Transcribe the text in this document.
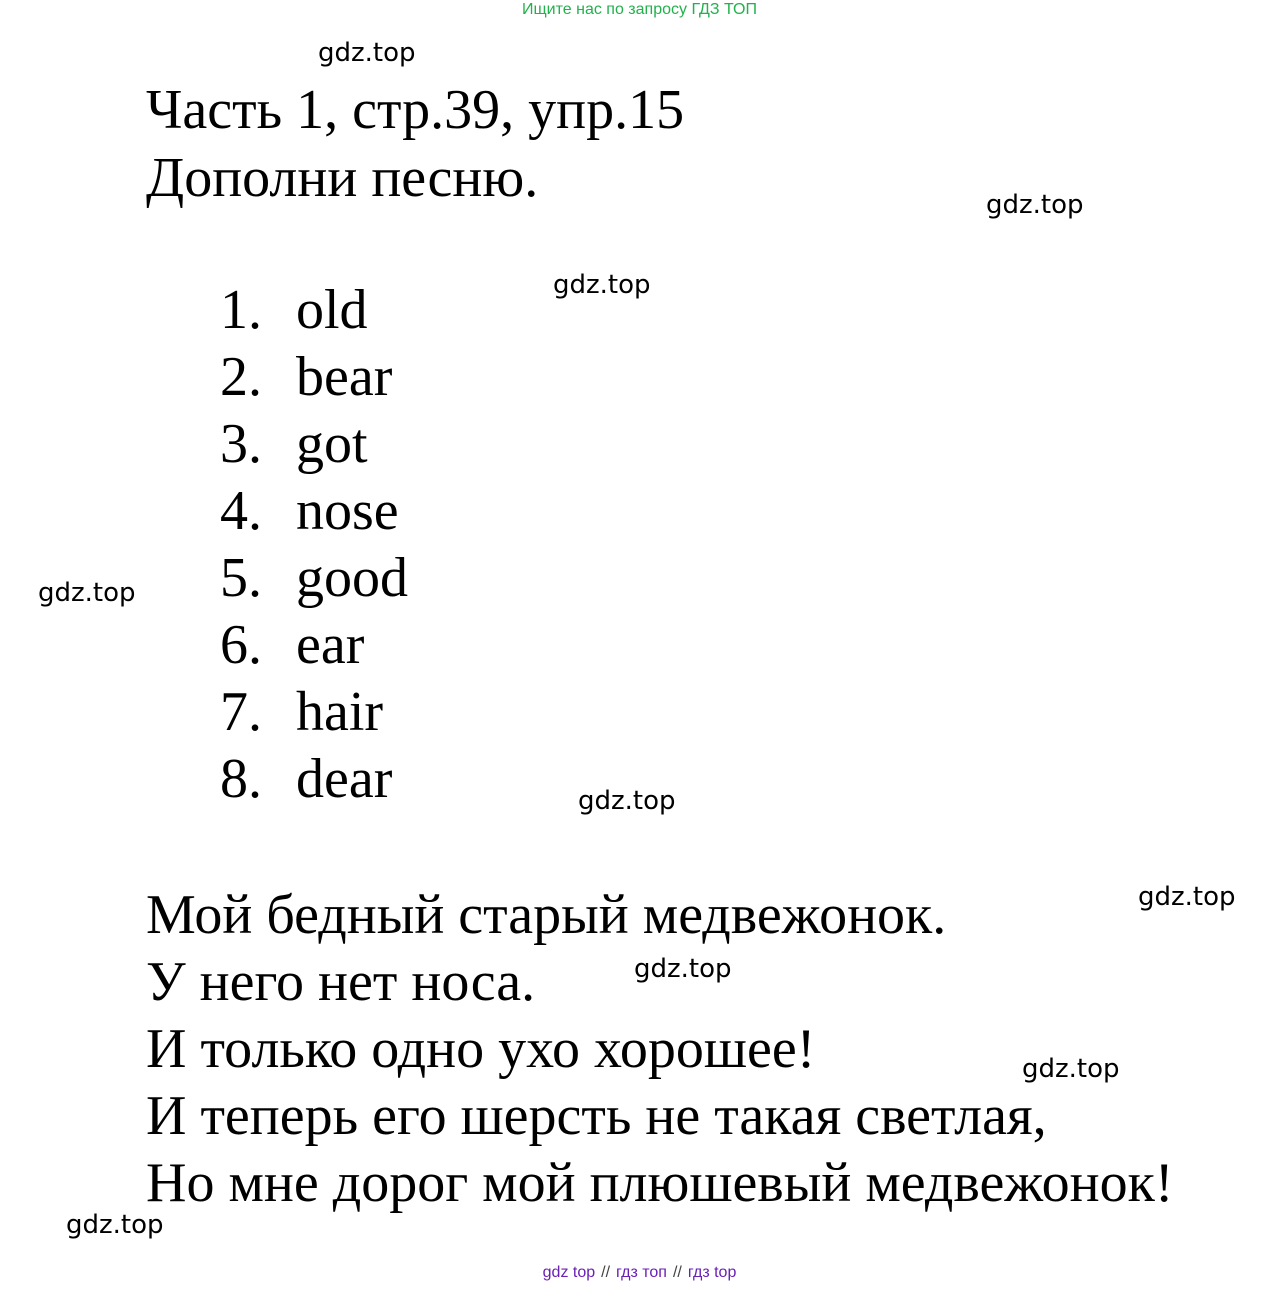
Ищите нас по запросу ГДЗ ТОП
gdz.top
gdz.top
gdz.top
gdz.top
gdz.top
gdz.top
gdz.top
gdz.top
gdz.top
Часть 1, стр.39, упр.15
Дополни песню.
1. old
2. bear
3. got
4. nose
5. good
6. ear
7. hair
8. dear
Мой бедный старый медвежонок.
У него нет носа.
И только одно ухо хорошее!
И теперь его шерсть не такая светлая,
Но мне дорог мой плюшевый медвежонок!
gdz top // гдз топ // гдз top
